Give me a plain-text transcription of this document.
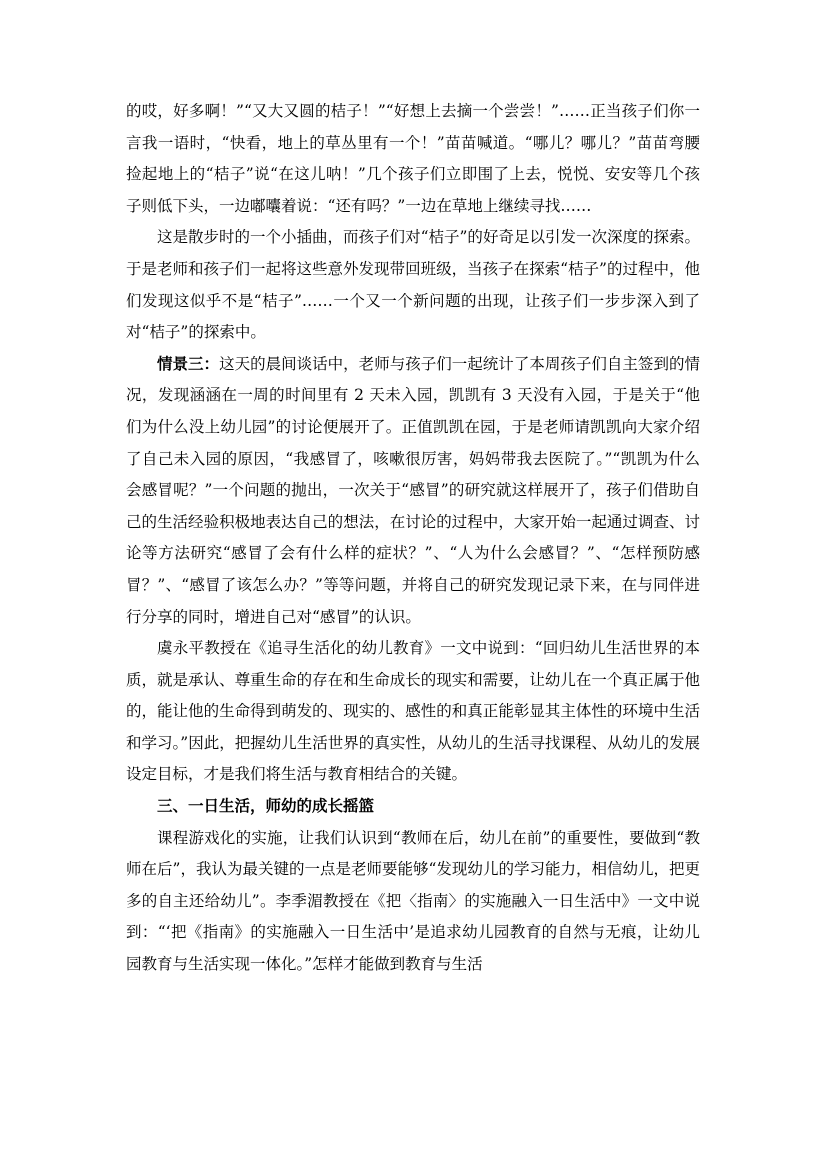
的哎，好多啊！”“又大又圆的桔子！”“好想上去摘一个尝尝！”……正当孩子们你一言我一语时，“快看，地上的草丛里有一个！”苗苗喊道。“哪儿？哪儿？”苗苗弯腰捡起地上的“桔子”说“在这儿呐！”几个孩子们立即围了上去，悦悦、安安等几个孩子则低下头，一边嘟囔着说：“还有吗？”一边在草地上继续寻找……

这是散步时的一个小插曲，而孩子们对“桔子”的好奇足以引发一次深度的探索。于是老师和孩子们一起将这些意外发现带回班级，当孩子在探索“桔子”的过程中，他们发现这似乎不是“桔子”……一个又一个新问题的出现，让孩子们一步步深入到了对“桔子”的探索中。

情景三：这天的晨间谈话中，老师与孩子们一起统计了本周孩子们自主签到的情况，发现涵涵在一周的时间里有 2 天未入园，凯凯有 3 天没有入园，于是关于“他们为什么没上幼儿园”的讨论便展开了。正值凯凯在园，于是老师请凯凯向大家介绍了自己未入园的原因，“我感冒了，咳嗽很厉害，妈妈带我去医院了。”“凯凯为什么会感冒呢？”一个问题的抛出，一次关于“感冒”的研究就这样展开了，孩子们借助自己的生活经验积极地表达自己的想法，在讨论的过程中，大家开始一起通过调查、讨论等方法研究“感冒了会有什么样的症状？”、“人为什么会感冒？”、“怎样预防感冒？”、“感冒了该怎么办？”等等问题，并将自己的研究发现记录下来，在与同伴进行分享的同时，增进自己对“感冒”的认识。

虞永平教授在《追寻生活化的幼儿教育》一文中说到：“回归幼儿生活世界的本质，就是承认、尊重生命的存在和生命成长的现实和需要，让幼儿在一个真正属于他的，能让他的生命得到萌发的、现实的、感性的和真正能彰显其主体性的环境中生活和学习。”因此，把握幼儿生活世界的真实性，从幼儿的生活寻找课程、从幼儿的发展设定目标，才是我们将生活与教育相结合的关键。

三、一日生活，师幼的成长摇篮

课程游戏化的实施，让我们认识到“教师在后，幼儿在前”的重要性，要做到“教师在后”，我认为最关键的一点是老师要能够“发现幼儿的学习能力，相信幼儿，把更多的自主还给幼儿”。李季湄教授在《把〈指南〉的实施融入一日生活中》一文中说到：“‘把《指南》的实施融入一日生活中’是追求幼儿园教育的自然与无痕，让幼儿园教育与生活实现一体化。”怎样才能做到教育与生活
